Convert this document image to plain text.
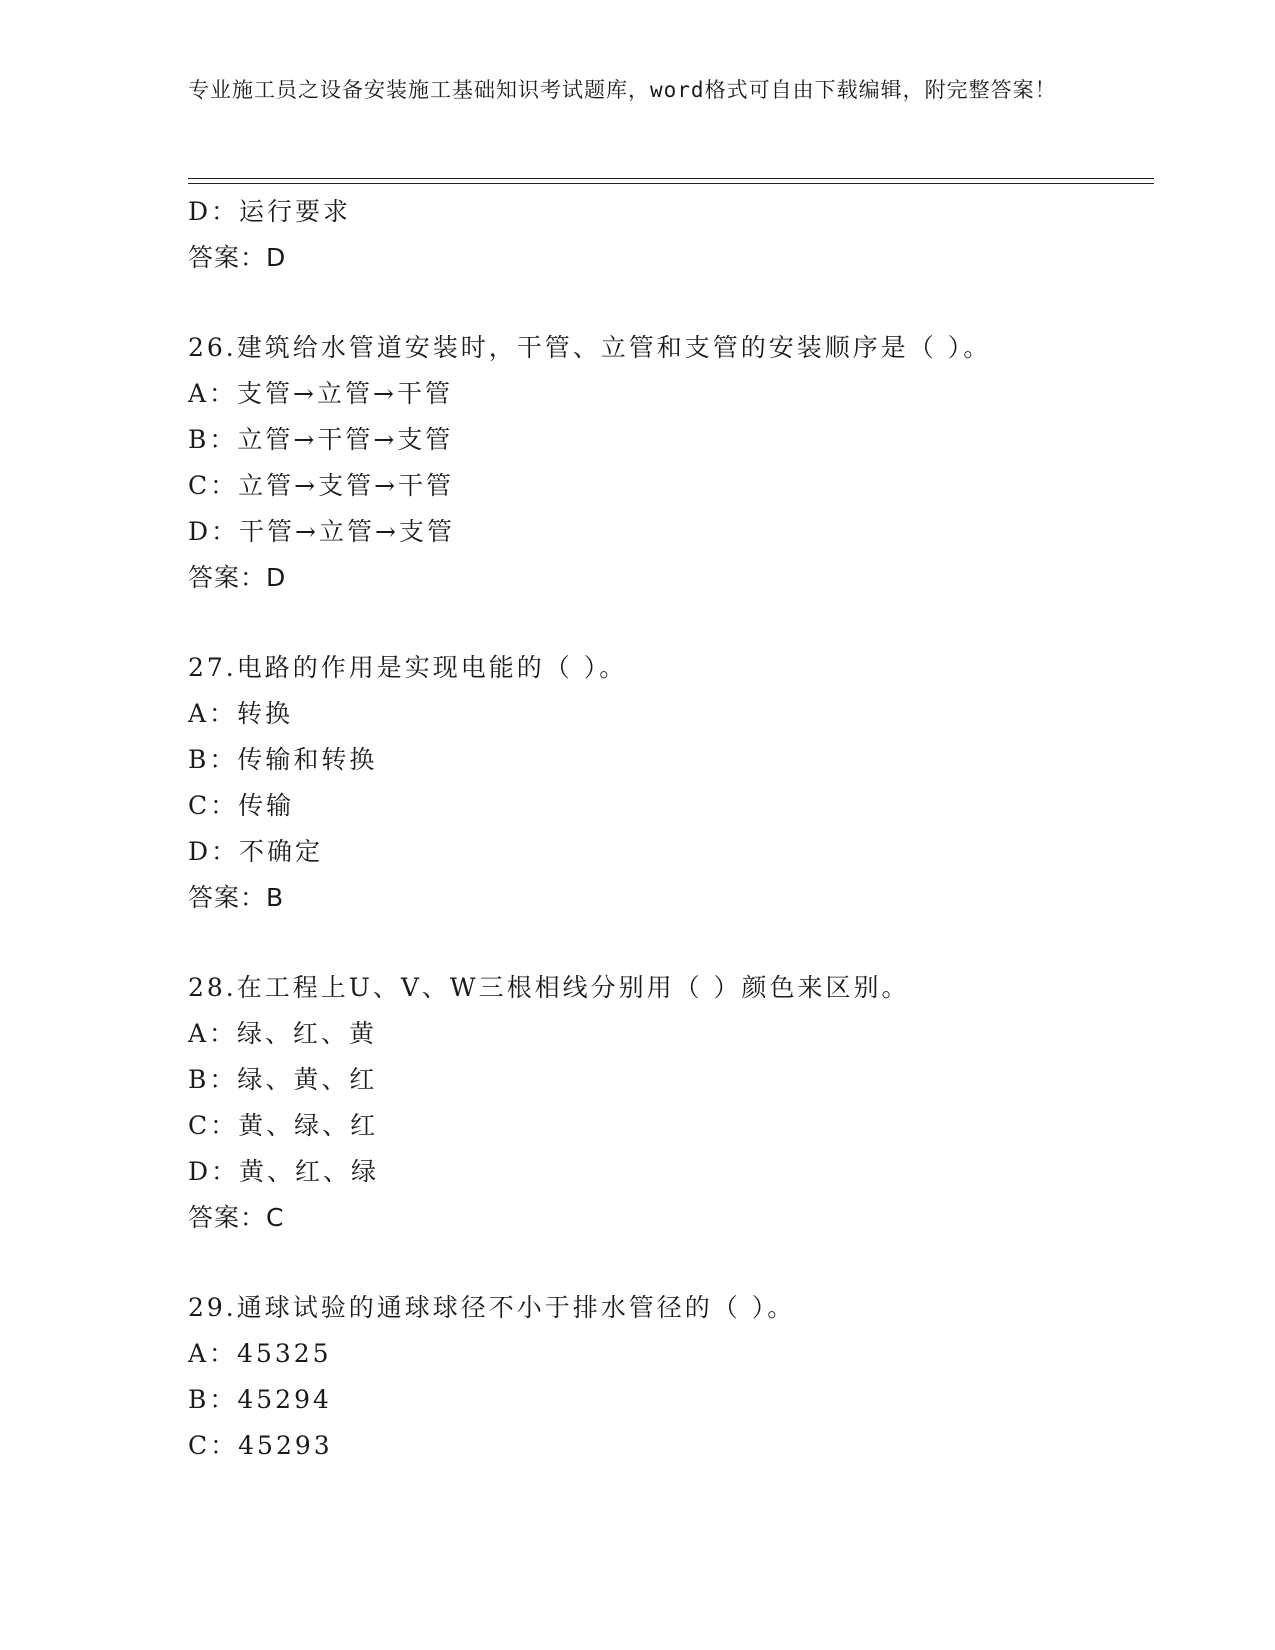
专业施工员之设备安装施工基础知识考试题库，word格式可自由下载编辑，附完整答案！
D：运行要求
答案：D
26.建筑给水管道安装时，干管、立管和支管的安装顺序是（ ）。
A：支管→立管→干管
B：立管→干管→支管
C：立管→支管→干管
D：干管→立管→支管
答案：D
27.电路的作用是实现电能的（ ）。
A：转换
B：传输和转换
C：传输
D：不确定
答案：B
28.在工程上U、V、W三根相线分别用（ ）颜色来区别。
A：绿、红、黄
B：绿、黄、红
C：黄、绿、红
D：黄、红、绿
答案：C
29.通球试验的通球球径不小于排水管径的（ ）。
A：45325
B：45294
C：45293
